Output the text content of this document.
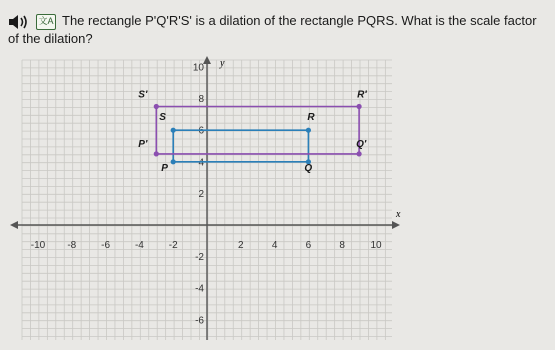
文A The rectangle P'Q'R'S' is a dilation of the rectangle PQRS. What is the scale factor of the dilation?
x
y
-10 -8 -6 -4 -2	2	4	6	8	10
2
4
6
8
10
-2
-4
-6
P	Q
R
S
P'	Q'
R'
S'
